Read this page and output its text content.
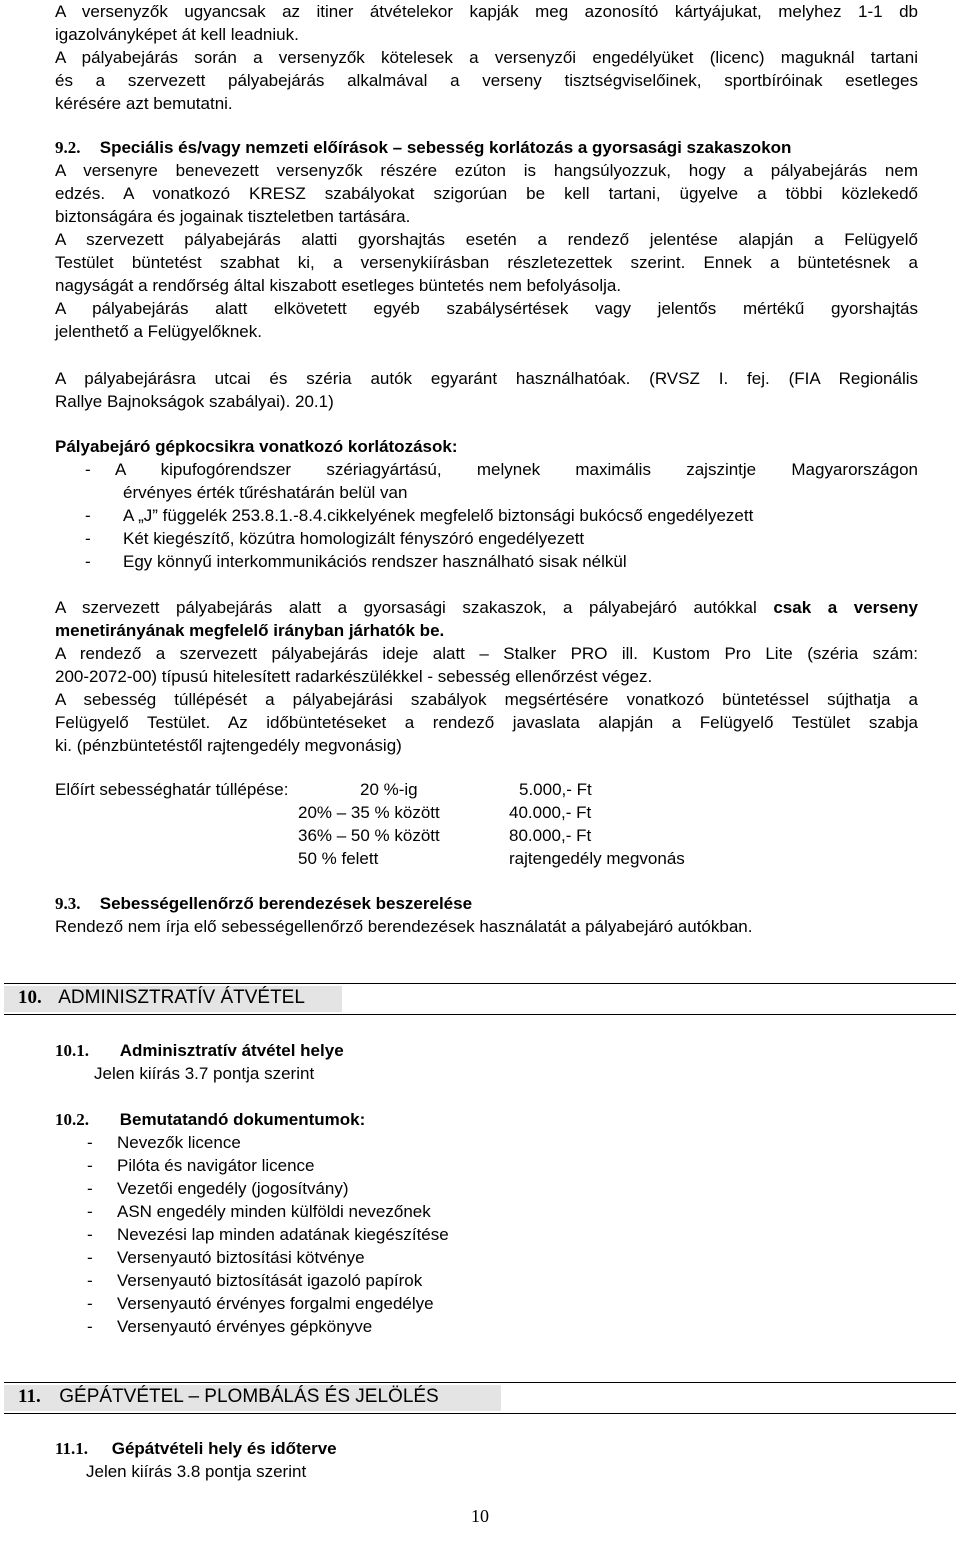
A versenyzők ugyancsak az itiner átvételekor kapják meg azonosító kártyájukat, melyhez 1-1 db
igazolványképet át kell leadniuk.
A pályabejárás során a versenyzők kötelesek a versenyzői engedélyüket (licenc) maguknál tartani
és a szervezett pályabejárás alkalmával a verseny tisztségviselőinek, sportbíróinak esetleges
kérésére azt bemutatni.
9.2. Speciális és/vagy nemzeti előírások – sebesség korlátozás a gyorsasági szakaszokon
A versenyre benevezett versenyzők részére ezúton is hangsúlyozzuk, hogy a pályabejárás nem
edzés. A vonatkozó KRESZ szabályokat szigorúan be kell tartani, ügyelve a többi közlekedő
biztonságára és jogainak tiszteletben tartására.
A szervezett pályabejárás alatti gyorshajtás esetén a rendező jelentése alapján a Felügyelő
Testület büntetést szabhat ki, a versenykiírásban részletezettek szerint. Ennek a büntetésnek a
nagyságát a rendőrség által kiszabott esetleges büntetés nem befolyásolja.
A pályabejárás alatt elkövetett egyéb szabálysértések vagy jelentős mértékű gyorshajtás
jelenthető a Felügyelőknek.
A pályabejárásra utcai és széria autók egyaránt használhatóak. (RVSZ I. fej. (FIA Regionális
Rallye Bajnokságok szabályai). 20.1)
Pályabejáró gépkocsikra vonatkozó korlátozások:
- A kipufogórendszer szériagyártású, melynek maximális zajszintje Magyarországon
érvényes érték tűréshatárán belül van
- A „J” függelék 253.8.1.-8.4.cikkelyének megfelelő biztonsági bukócső engedélyezett
- Két kiegészítő, közútra homologizált fényszóró engedélyezett
- Egy könnyű interkommunikációs rendszer használható sisak nélkül
A szervezett pályabejárás alatt a gyorsasági szakaszok, a pályabejáró autókkal csak a verseny
menetirányának megfelelő irányban járhatók be.
A rendező a szervezett pályabejárás ideje alatt – Stalker PRO ill. Kustom Pro Lite (széria szám:
200-2072-00) típusú hitelesített radarkészülékkel - sebesség ellenőrzést végez.
A sebesség túllépését a pályabejárási szabályok megsértésére vonatkozó büntetéssel sújthatja a
Felügyelő Testület. Az időbüntetéseket a rendező javaslata alapján a Felügyelő Testület szabja
ki. (pénzbüntetéstől rajtengedély megvonásig)
Előírt sebességhatár túllépése:	20 %-ig	5.000,- Ft
20% – 35 % között	40.000,- Ft
36% – 50 % között	80.000,- Ft
50 % felett	rajtengedély megvonás
9.3. Sebességellenőrző berendezések beszerelése
Rendező nem írja elő sebességellenőrző berendezések használatát a pályabejáró autókban.
10. ADMINISZTRATÍV ÁTVÉTEL
10.1. Adminisztratív átvétel helye
Jelen kiírás 3.7 pontja szerint
10.2. Bemutatandó dokumentumok:
- Nevezők licence
- Pilóta és navigátor licence
- Vezetői engedély (jogosítvány)
- ASN engedély minden külföldi nevezőnek
- Nevezési lap minden adatának kiegészítése
- Versenyautó biztosítási kötvénye
- Versenyautó biztosítását igazoló papírok
- Versenyautó érvényes forgalmi engedélye
- Versenyautó érvényes gépkönyve
11. GÉPÁTVÉTEL – PLOMBÁLÁS ÉS JELÖLÉS
11.1. Gépátvételi hely és időterve
Jelen kiírás 3.8 pontja szerint
10
